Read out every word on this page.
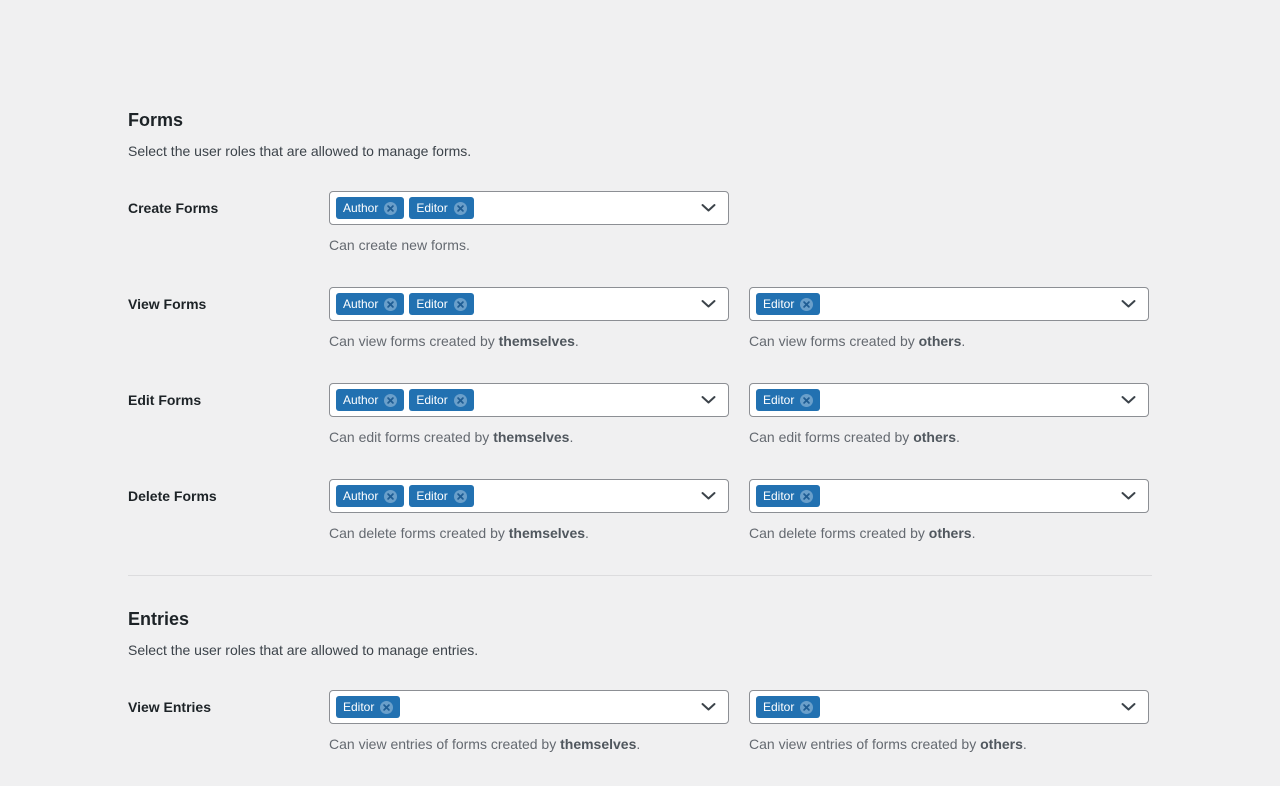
Forms

Select the user roles that are allowed to manage forms.

Create Forms	Author	Editor

Can create new forms.

View Forms	Author	Editor

Can view forms created by themselves.

Editor

Can view forms created by others.

Edit Forms	Author	Editor

Can edit forms created by themselves.

Editor

Can edit forms created by others.

Delete Forms	Author	Editor

Can delete forms created by themselves.

Editor

Can delete forms created by others.

Entries

Select the user roles that are allowed to manage entries.

View Entries	Editor

Can view entries of forms created by themselves.

Editor

Can view entries of forms created by others.
